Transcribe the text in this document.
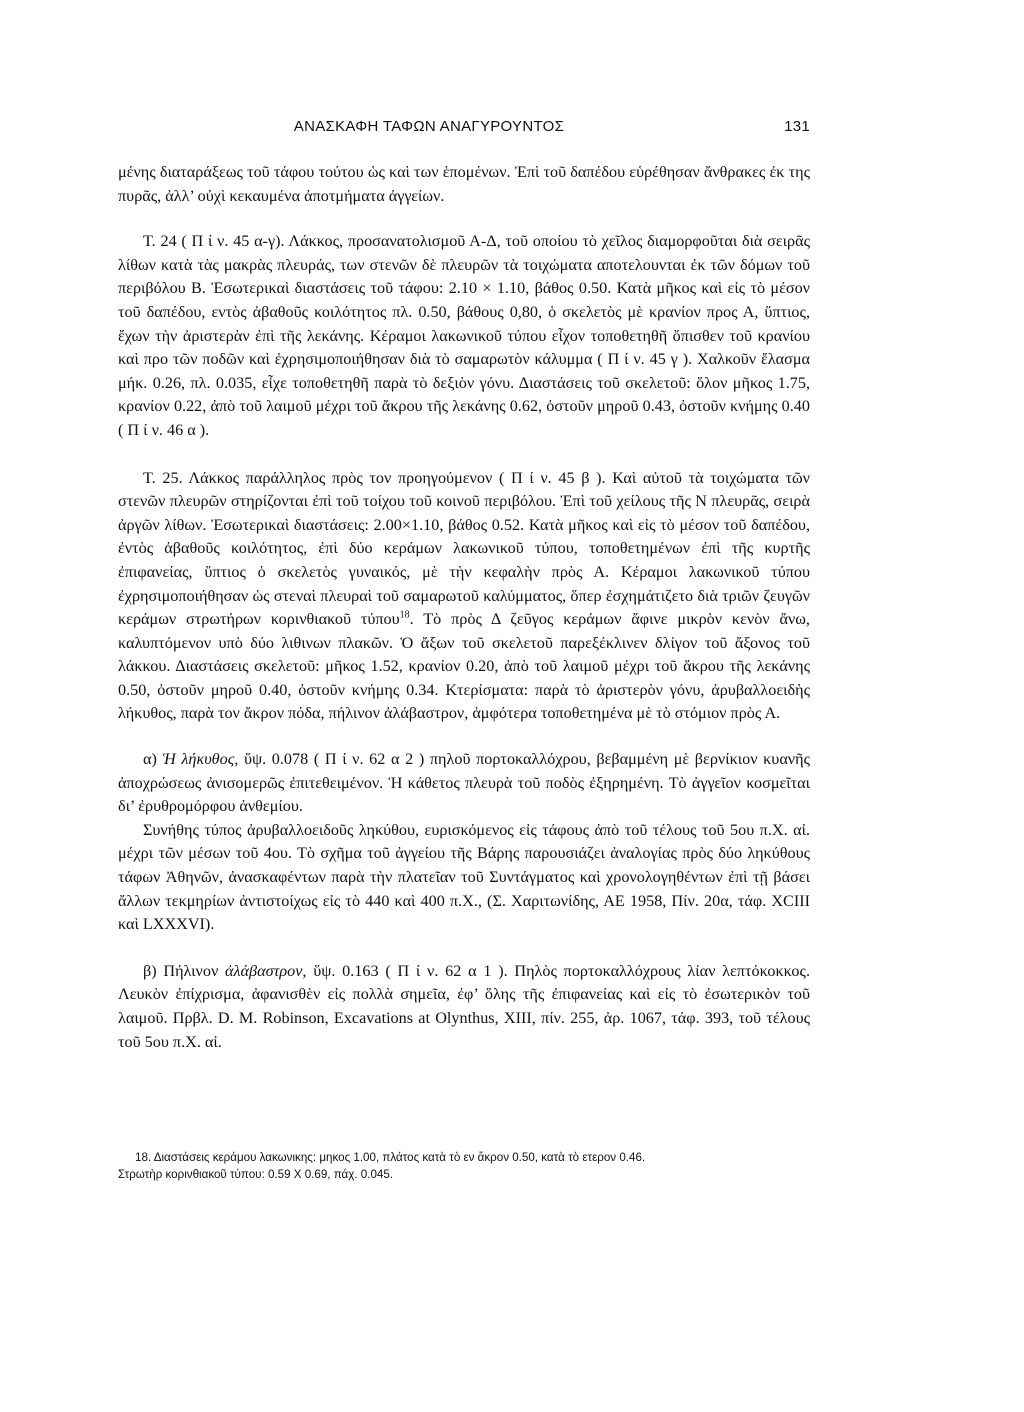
ΑΝΑΣΚΑΦΗ ΤΑΦΩΝ ΑΝΑΓΥΡΟΥΝΤΟΣ	131

μένης διαταράξεως τοῦ τάφου τούτου ὡς καὶ των ἑπομένων. Ἐπὶ τοῦ δαπέδου εὑρέθησαν ἄνθρακες ἐκ της πυρᾶς, ἀλλ’ οὐχὶ κεκαυμένα ἀποτμήματα ἀγγείων.

Τ. 24 ( Π ί ν. 45 α-γ). Λάκκος, προσανατολισμοῦ Α-Δ, τοῦ οποίου τὸ χεῖλος διαμορφοῦται διὰ σειρᾶς λίθων κατὰ τὰς μακρὰς πλευράς, των στενῶν δὲ πλευρῶν τὰ τοιχώματα αποτελουνται ἐκ τῶν δόμων τοῦ περιβόλου Β. Ἐσωτερικαὶ διαστάσεις τοῦ τάφου: 2.10 × 1.10, βάθος 0.50. Κατὰ μῆκος καὶ εἰς τὸ μέσον τοῦ δαπέδου, εντὸς ἀβαθοῦς κοιλότητος πλ. 0.50, βάθους 0,80, ὁ σκελετὸς μὲ κρανίον προς Α, ὕπτιος, ἔχων τὴν ἀριστερὰν ἐπὶ τῆς λεκάνης. Κέραμοι λακωνικοῦ τύπου εἶχον τοποθετηθῆ ὄπισθεν τοῦ κρανίου καὶ προ τῶν ποδῶν καὶ ἐχρησιμοποιήθησαν διὰ τὸ σαμαρωτὸν κάλυμμα ( Π ί ν. 45 γ ). Χαλκοῦν ἔλασμα μήκ. 0.26, πλ. 0.035, εἶχε τοποθετηθῆ παρὰ τὸ δεξιὸν γόνυ. Διαστάσεις τοῦ σκελετοῦ: ὅλον μῆκος 1.75, κρανίον 0.22, ἀπὸ τοῦ λαιμοῦ μέχρι τοῦ ἄκρου τῆς λεκάνης 0.62, ὀστοῦν μηροῦ 0.43, ὀστοῦν κνήμης 0.40 ( Π ί ν. 46 α ).

Τ. 25. Λάκκος παράλληλος πρὸς τον προηγούμενον ( Π ί ν. 45 β ). Καὶ αὐτοῦ τὰ τοιχώματα τῶν στενῶν πλευρῶν στηρίζονται ἐπὶ τοῦ τοίχου τοῦ κοινοῦ περιβόλου. Ἐπὶ τοῦ χείλους τῆς Ν πλευρᾶς, σειρὰ ἀργῶν λίθων. Ἐσωτερικαὶ διαστάσεις: 2.00×1.10, βάθος 0.52. Κατὰ μῆκος καὶ εἰς τὸ μέσον τοῦ δαπέδου, ἐντὸς ἀβαθοῦς κοιλότητος, ἐπὶ δύο κεράμων λακωνικοῦ τύπου, τοποθετημένων ἐπὶ τῆς κυρτῆς ἐπιφανείας, ὕπτιος ὁ σκελετὸς γυναικός, μὲ τὴν κεφαλὴν πρὸς Α. Κέραμοι λακωνικοῦ τύπου ἐχρησιμοποιήθησαν ὡς στεναὶ πλευραὶ τοῦ σαμαρωτοῦ καλύμματος, ὅπερ ἐσχημάτιζετο διὰ τριῶν ζευγῶν κεράμων στρωτήρων κορινθιακοῦ τύπου$^{18}$. Τὸ πρὸς Δ ζεῦγος κεράμων ἄφινε μικρὸν κενὸν ἄνω, καλυπτόμενον υπὸ δύο λιθινων πλακῶν. Ὁ ἄξων τοῦ σκελετοῦ παρεξέκλινεν δλίγον τοῦ ἄξονος τοῦ λάκκου. Διαστάσεις σκελετοῦ: μῆκος 1.52, κρανίον 0.20, ἀπὸ τοῦ λαιμοῦ μέχρι τοῦ ἄκρου τῆς λεκάνης 0.50, ὀστοῦν μηροῦ 0.40, ὀστοῦν κνήμης 0.34. Κτερίσματα: παρὰ τὸ ἀριστερὸν γόνυ, ἀρυβαλλοειδὴς λήκυθος, παρὰ τον ἄκρον πόδα, πήλινον ἀλάβαστρον, ἀμφότερα τοποθετημένα μὲ τὸ στόμιον πρὸς Α.

α) Ἡ λήκυθος, ὕψ. 0.078 ( Π ί ν. 62 α 2 ) πηλοῦ πορτοκαλλόχρου, βεβαμμένη μὲ βερνίκιον κυανῆς ἀποχρώσεως ἀνισομερῶς ἐπιτεθειμένον. Ἡ κάθετος πλευρὰ τοῦ ποδὸς ἐξηρημένη. Τὸ ἀγγεῖον κοσμεῖται δι’ ἐρυθρομόρφου ἀνθεμίου.

Συνήθης τύπος ἀρυβαλλοειδοῦς ληκύθου, ευρισκόμενος εἰς τάφους ἀπὸ τοῦ τέλους τοῦ 5ου π.Χ. αἰ. μέχρι τῶν μέσων τοῦ 4ου. Τὸ σχῆμα τοῦ ἀγγείου τῆς Βάρης παρουσιάζει ἀναλογίας πρὸς δύο ληκύθους τάφων Ἀθηνῶν, ἀνασκαφέντων παρὰ τὴν πλατεῖαν τοῦ Συντάγματος καὶ χρονολογηθέντων ἐπὶ τῇ βάσει ἄλλων τεκμηρίων ἀντιστοίχως εἰς τὸ 440 καὶ 400 π.Χ., (Σ. Χαριτωνίδης, ΑΕ 1958, Πίν. 20α, τάφ. XCIII καὶ LXXXVI).

β) Πήλινον ἀλάβαστρον, ὕψ. 0.163 ( Π ί ν. 62 α 1 ). Πηλὸς πορτοκαλλόχρους λίαν λεπτόκοκκος. Λευκὸν ἐπίχρισμα, ἀφανισθὲν εἰς πολλὰ σημεῖα, ἐφ’ ὅλης τῆς ἐπιφανείας καὶ εἰς τὸ ἐσωτερικὸν τοῦ λαιμοῦ. Πρβλ. D. M. Robinson, Excavations at Olynthus, XIII, πίν. 255, ἀρ. 1067, τάφ. 393, τοῦ τέλους τοῦ 5ου π.Χ. αἰ.

18. Διαστάσεις κεράμου λακωνικης: μηκος 1.00, πλάτος κατὰ τὸ εν ἄκρον 0.50, κατὰ τὸ ετερον 0.46.

Στρωτὴρ κορινθιακοῦ τύπου: 0.59 X 0.69, πάχ. 0.045.
